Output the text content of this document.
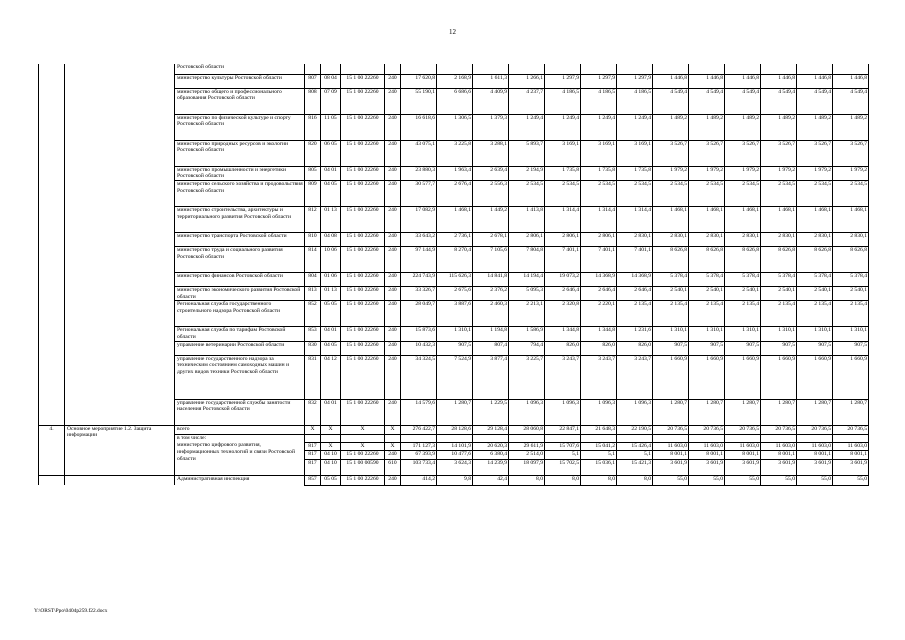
12
		Ростовской области																	
		министерство культуры Ростовской области	807	08 04	15 1 00 22260	240	17 620,8	2 168,9	1 611,3	1 266,1	1 297,9	1 297,9	1 297,9	1 446,8	1 446,8	1 446,8	1 446,8	1 446,8	1 446,8
		министерство общего и профессионального образования Ростовской области	808	07 09	15 1 00 22260	240	55 190,1	6 686,6	4 409,9	4 237,7	4 186,5	4 186,5	4 186,5	4 549,4	4 549,4	4 549,4	4 549,4	4 549,4	4 549,4
		министерство по физической культуре и спорту Ростовской области	816	11 05	15 1 00 22260	240	16 618,6	1 306,5	1 379,3	1 249,4	1 249,4	1 249,4	1 249,4	1 489,2	1 489,2	1 489,2	1 489,2	1 489,2	1 489,2
		министерство природных ресурсов и экологии Ростовской области	820	06 05	15 1 00 22260	240	43 075,1	3 225,8	3 288,1	5 893,7	3 169,1	3 169,1	3 169,1	3 526,7	3 526,7	3 526,7	3 526,7	3 526,7	3 526,7
		министерство промышленности и энергетики Ростовской области	805	04 01	15 1 00 22260	240	23 880,3	1 963,4	2 639,4	2 194,9	1 735,8	1 735,8	1 735,8	1 979,2	1 979,2	1 979,2	1 979,2	1 979,2	1 979,2
		министерство сельского хозяйства и продовольствия Ростовской области	809	04 05	15 1 00 22260	240	30 577,7	2 676,4	2 556,3	2 534,5	2 534,5	2 534,5	2 534,5	2 534,5	2 534,5	2 534,5	2 534,5	2 534,5	2 534,5
		министерство строительства, архитектуры и территориального развития Ростовской области	812	01 13	15 1 00 22260	240	17 082,9	1 468,1	1 449,2	1 413,8	1 314,4	1 314,4	1 314,4	1 468,1	1 468,1	1 468,1	1 468,1	1 468,1	1 468,1
		министерство транспорта Ростовской области	810	04 08	15 1 00 22260	240	33 643,2	2 736,1	2 678,1	2 806,1	2 806,1	2 806,1	2 830,1	2 830,1	2 830,1	2 830,1	2 830,1	2 830,1	2 830,1
		министерство труда и социального развития Ростовской области	814	10 06	15 1 00 22260	240	97 144,9	8 270,4	7 105,6	7 804,8	7 401,1	7 401,1	7 401,1	8 626,8	8 626,8	8 626,8	8 626,8	8 626,8	8 626,8
		министерство финансов Ростовской области	804	01 06	15 1 00 22260	240	224 743,9	115 626,3	14 841,8	14 194,4	19 073,2	14 368,9	14 368,9	5 378,4	5 378,4	5 378,4	5 378,4	5 378,4	5 378,4
		министерство экономического развития Ростовской области	813	01 13	15 1 00 22260	240	33 326,7	2 675,6	2 376,2	5 095,3	2 646,4	2 646,4	2 646,4	2 540,1	2 540,1	2 540,1	2 540,1	2 540,1	2 540,1
		Региональная служба государственного строительного надзора Ростовской области	852	05 05	15 1 00 22260	240	28 049,7	3 887,6	2 460,3	2 213,1	2 320,8	2 220,1	2 135,4	2 135,4	2 135,4	2 135,4	2 135,4	2 135,4	2 135,4
		Региональная служба по тарифам Ростовской области	853	04 01	15 1 00 22260	240	15 873,6	1 310,1	1 194,8	1 586,9	1 344,8	1 344,8	1 231,6	1 310,1	1 310,1	1 310,1	1 310,1	1 310,1	1 310,1
		управление ветеринарии Ростовской области	830	04 05	15 1 00 22260	240	10 432,3	907,5	807,4	794,4	826,0	826,0	826,0	907,5	907,5	907,5	907,5	907,5	907,5
		управление государственного надзора за техническим состоянием самоходных машин и других видов техники Ростовской области	831	04 12	15 1 00 22260	240	34 324,5	7 524,9	3 877,4	3 225,7	3 243,7	3 243,7	3 243,7	1 660,9	1 660,9	1 660,9	1 660,9	1 660,9	1 660,9
		управление государственной службы занятости населения Ростовской области	832	04 01	15 1 00 22260	240	14 579,6	1 280,7	1 229,5	1 096,3	1 096,3	1 096,3	1 096,3	1 280,7	1 280,7	1 280,7	1 280,7	1 280,7	1 280,7
4.	Основное мероприятие 1.2. Защита информации	всего	X	X	X	X	276 422,7	28 128,6	29 128,4	28 060,8	22 847,1	21 648,3	22 190,5	20 736,5	20 736,5	20 736,5	20 736,5	20 736,5	20 736,5
		в том числе:																	
		министерство цифрового развития, информационных технологий и связи Ростовской области	817	X	X	X	171 127,3	14 101,9	20 620,3	29 611,9	15 707,6	15 041,2	15 426,4	11 603,0	11 603,0	11 603,0	11 603,0	11 603,0	11 603,0
			817	04 10	15 1 00 22260	240	67 393,9	10 477,6	6 380,4	2 514,0	5,1	5,1	5,1	8 001,1	8 001,1	8 001,1	8 001,1	8 001,1	8 001,1
			817	04 10	15 1 00 00590	610	103 733,4	3 624,3	14 239,9	18 097,9	15 702,5	15 036,1	15 421,3	3 601,9	3 601,9	3 601,9	3 601,9	3 601,9	3 601,9
		Административная инспекция	857	05 05	15 1 00 22260	240	414,2	9,8	42,4	8,0	8,0	8,0	8,0	55,0	55,0	55,0	55,0	55,0	55,0
Y:\ORST\Ppo\0404p259.f22.docx
